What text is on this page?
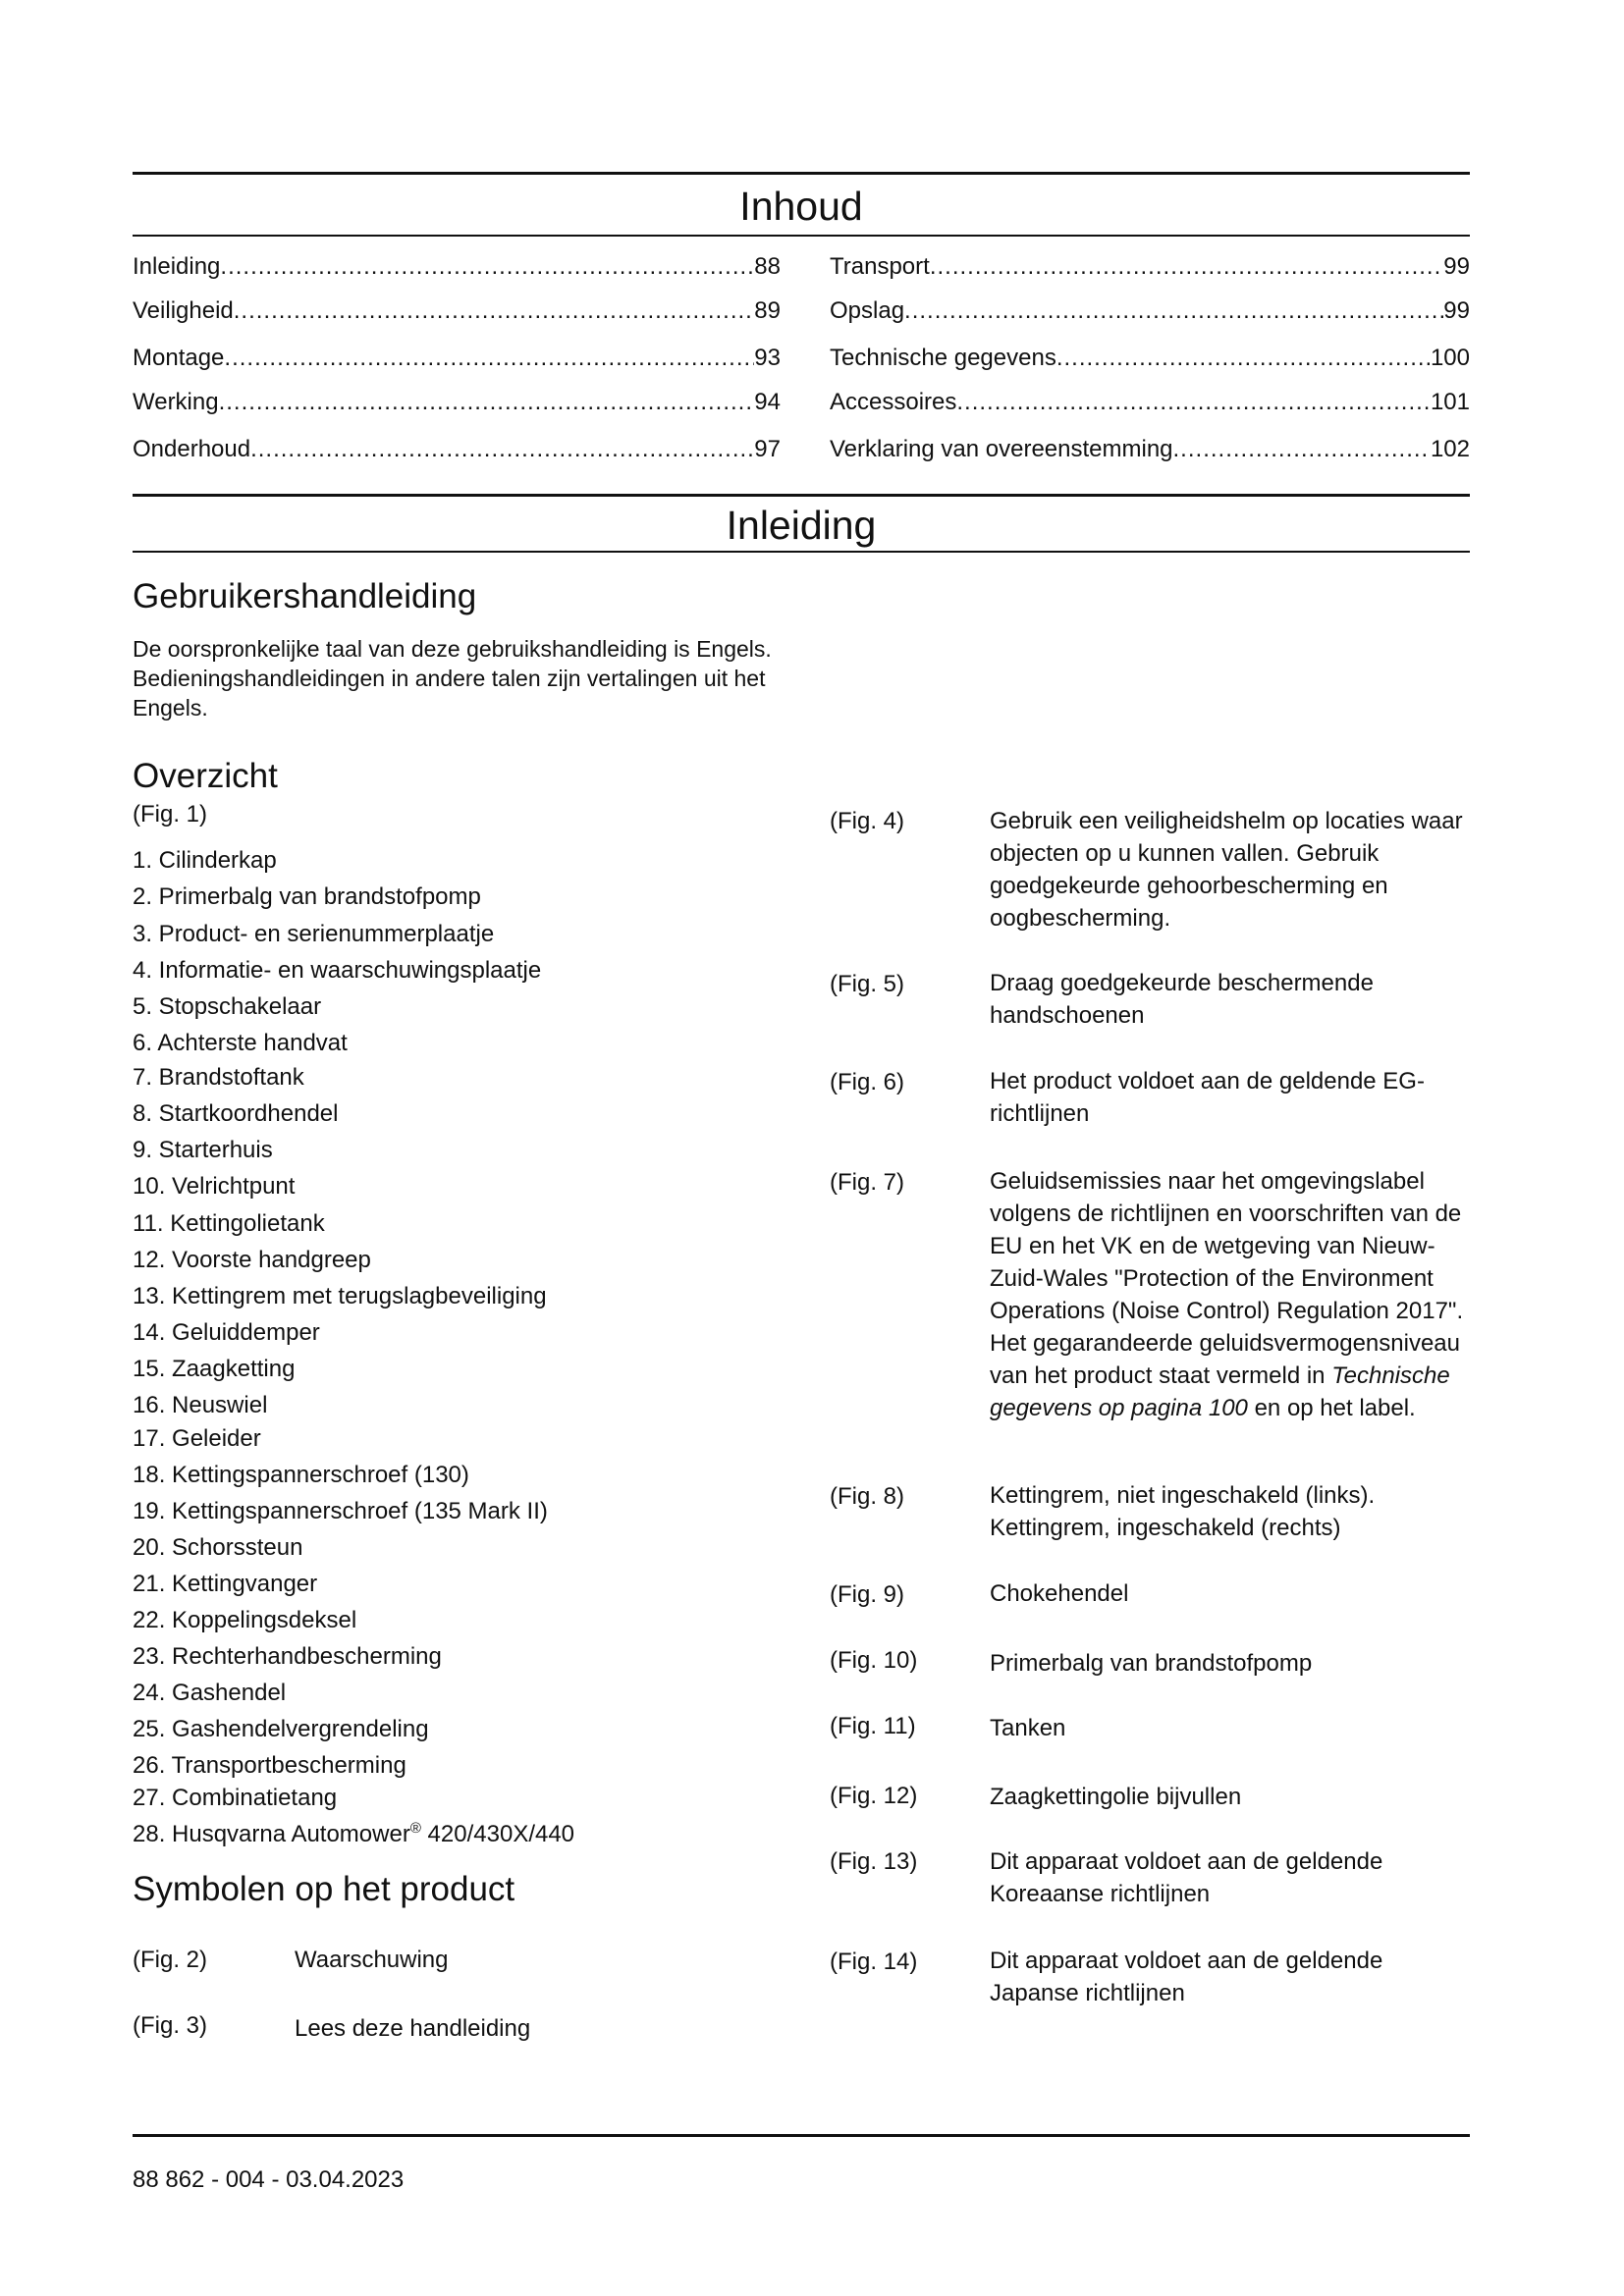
Inhoud
Inleiding .....	88
Veiligheid .....	89
Montage .....	93
Werking .....	94
Onderhoud .....	97
Transport .....	99
Opslag .....	99
Technische gegevens .....	100
Accessoires .....	101
Verklaring van overeenstemming .....	102
Inleiding
Gebruikershandleiding

De oorspronkelijke taal van deze gebruikshandleiding is Engels. Bedieningshandleidingen in andere talen zijn vertalingen uit het Engels.

Overzicht
(Fig. 1)
1. Cilinderkap
2. Primerbalg van brandstofpomp
3. Product- en serienummerplaatje
4. Informatie- en waarschuwingsplaatje
5. Stopschakelaar
6. Achterste handvat
7. Brandstoftank
8. Startkoordhendel
9. Starterhuis
10. Velrichtpunt
11. Kettingolietank
12. Voorste handgreep
13. Kettingrem met terugslagbeveiliging
14. Geluiddemper
15. Zaagketting
16. Neuswiel
17. Geleider
18. Kettingspannerschroef (130)
19. Kettingspannerschroef (135 Mark II)
20. Schorssteun
21. Kettingvanger
22. Koppelingsdeksel
23. Rechterhandbescherming
24. Gashendel
25. Gashendelvergrendeling
26. Transportbescherming
27. Combinatietang
28. Husqvarna Automower® 420/430X/440
Symbolen op het product
(Fig. 2)	Waarschuwing
(Fig. 3)	Lees deze handleiding
(Fig. 4)	Gebruik een veiligheidshelm op locaties waar objecten op u kunnen vallen. Gebruik goedgekeurde gehoorbescherming en oogbescherming.

(Fig. 5)	Draag goedgekeurde beschermende handschoenen

(Fig. 6)	Het product voldoet aan de geldende EG-richtlijnen

(Fig. 7)	Geluidsemissies naar het omgevingslabel volgens de richtlijnen en voorschriften van de EU en het VK en de wetgeving van Nieuw-Zuid-Wales "Protection of the Environment Operations (Noise Control) Regulation 2017". Het gegarandeerde geluidsvermogensniveau van het product staat vermeld in Technische gegevens op pagina 100 en op het label.

(Fig. 8)	Kettingrem, niet ingeschakeld (links). Kettingrem, ingeschakeld (rechts)

(Fig. 9)	Chokehendel

(Fig. 10)	Primerbalg van brandstofpomp

(Fig. 11)	Tanken

(Fig. 12)	Zaagkettingolie bijvullen

(Fig. 13)	Dit apparaat voldoet aan de geldende Koreaanse richtlijnen

(Fig. 14)	Dit apparaat voldoet aan de geldende Japanse richtlijnen

88 862 - 004 - 03.04.2023
